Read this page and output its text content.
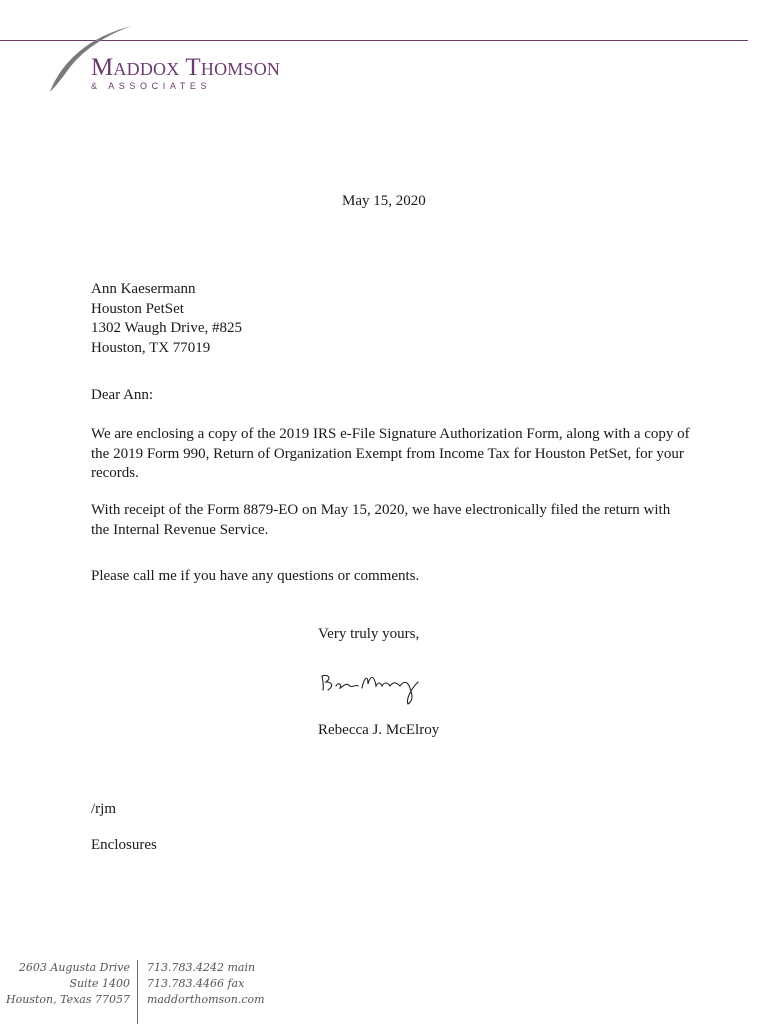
Maddox Thomson
& ASSOCIATES
May 15, 2020
Ann Kaesermann
Houston PetSet
1302 Waugh Drive, #825
Houston, TX 77019
Dear Ann:
We are enclosing a copy of the 2019 IRS e-File Signature Authorization Form, along with a copy of the 2019 Form 990, Return of Organization Exempt from Income Tax for Houston PetSet, for your records.
With receipt of the Form 8879-EO on May 15, 2020, we have electronically filed the return with the Internal Revenue Service.
Please call me if you have any questions or comments.
Very truly yours,
Rebecca J. McElroy
/rjm
Enclosures
2603 Augusta Drive
Suite 1400
Houston, Texas 77057
713.783.4242 main
713.783.4466 fax
maddorthomson.com
